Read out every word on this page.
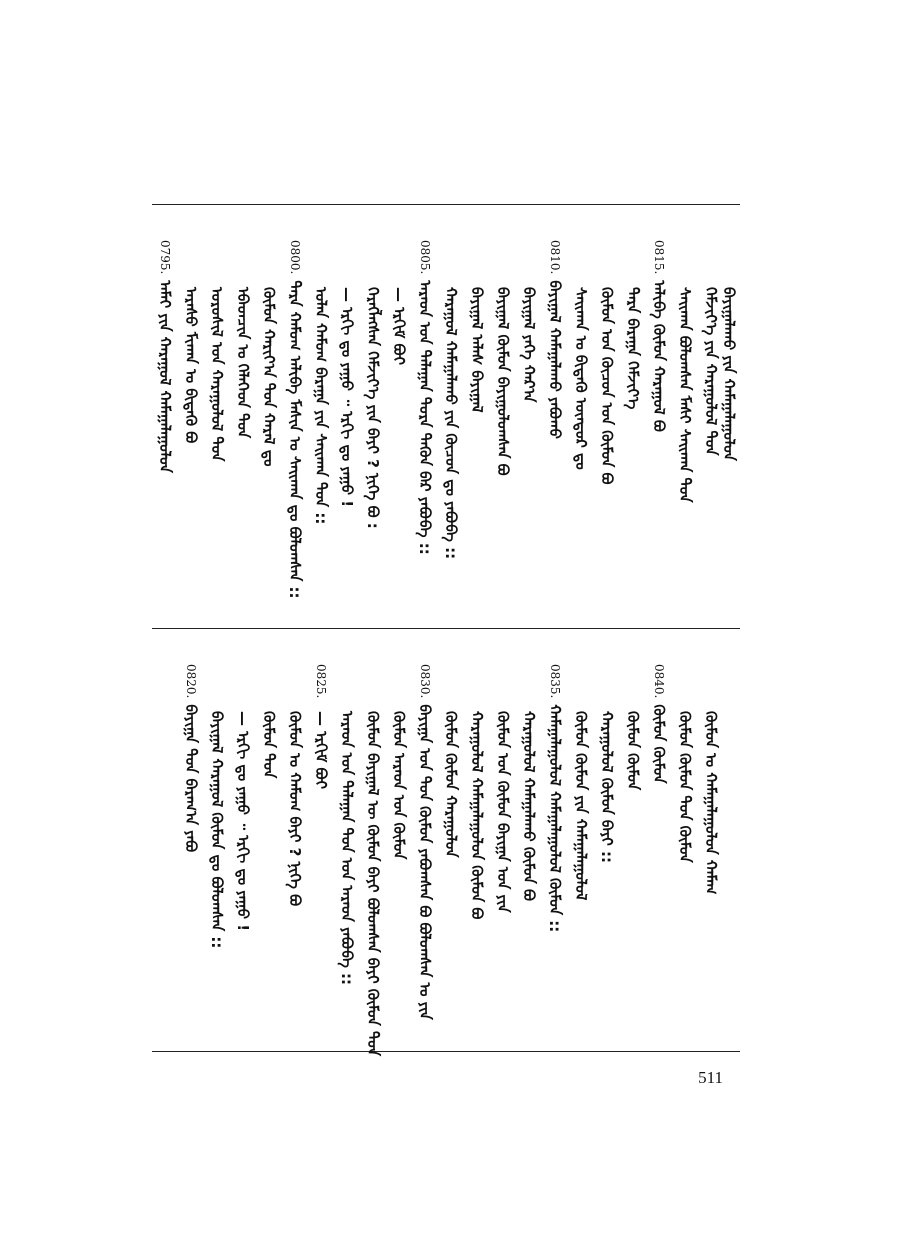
0795.ᠠᠮᠠᠢ ᠶᠢᠨ ᠬᠠᠷᠠᠭᠤᠯ ᠬᠠᠮᠠᠭᠠᠯᠠᠭᠤᠯᠤᠨ ᠠᠷᠠᠰᠤ ᠮᠢᠬᠠᠨ ᠤ ᠪᠢᠲᠡᠭᠦ ᠪᠣ ᠣᠷᠣᠰᠢᠯ ᠤᠨ ᠬᠠᠷᠠᠭᠤᠯᠤᠯ ᠳᠤᠨ ᠡᠪᠡᠳᠴᠢᠨ ᠤ ᠬᠡᠯᠡᠭᠡᠳ ᠳᠤᠨ ᠬᠦᠮᠦᠨ ᠬᠠᠷᠢᠶ᠎ᠠ ᠳᠤᠨ ᠬᠠᠷᠠᠯ ᠳᠤ
0800.ᠲᠡᠷᠡ ᠬᠠᠮᠤᠭ ᠠᠯᠢᠪᠠ ᠮᠠᠰᠢᠨ ᠤ ᠰᠠᠢᠬᠠᠨ ᠳᠤ ᠪᠣᠯᠤᠭᠰᠠᠨ :: ᠣᠯᠠᠨ ᠬᠠᠮᠤᠭ ᠪᠠᠷᠠᠭᠠ ᠶᠢᠨ ᠰᠠᠢᠬᠠᠨ ᠳᠤᠨ :: — ᠡᠷᠬᠢ ᠳᠤ ᠶᠠᠭᠤ ᠃ ᠡᠷᠬᠢ ᠳᠤ ᠶᠠᠭᠤ ! ᠬᠡᠷᠡᠭᠯᠡᠭᠰᠡᠨ ᠬᠡᠮᠵᠢᠶ᠎ᠡ ᠶᠢᠨ ᠪᠠᠶᠢ ? ᠨᠢᠭᠡ ᠪᠣ : — ᠡᠷᠬᠢᠮ ᠪᠤᠢ
0805.ᠠᠷᠠᠳ ᠤᠨ ᠲᠠᠯᠠᠭᠠᠨ ᠳᠤᠷᠠ ᠲᠡᠭᠦᠨ ᠪᠠᠷ ᠶᠠᠪᠤᠪᠠ :: ᠬᠠᠷᠠᠭᠤᠯ ᠬᠠᠮᠠᠭᠠᠯᠠᠬᠤ ᠶᠢᠨ ᠬᠦᠴᠦᠨ ᠳᠤ ᠶᠠᠪᠤᠪᠠ :: ᠪᠠᠶᠢᠭᠠᠯ ᠠᠯᠠᠰ ᠪᠠᠶᠢᠭᠠᠯ ᠪᠠᠶᠢᠭᠠᠯ ᠬᠦᠮᠦᠨ ᠪᠠᠶᠢᠭᠤᠯᠤᠭᠰᠠᠨ ᠪᠣ ᠪᠠᠶᠢᠭᠠᠯ ᠶᠡᠬᠡ ᠬᠠᠷ᠎ᠠ
0810.ᠪᠠᠶᠢᠭᠠᠯ ᠬᠠᠮᠠᠭᠠᠯᠠᠬᠤ ᠶᠠᠪᠤᠬᠤ ᠰᠠᠢᠬᠠᠨ ᠤ ᠪᠢᠲᠡᠭᠦ ᠦᠨᠳᠦᠷ ᠳᠤ ᠬᠦᠮᠦᠨ ᠤᠨ ᠬᠦᠴᠦᠨ ᠤᠨ ᠬᠦᠮᠦᠨ ᠪᠣ ᠲᠡᠷᠡ ᠪᠠᠷᠠᠭᠠ ᠬᠡᠮᠵᠢᠶ᠎ᠡ
0815.ᠠᠯᠢᠪᠠ ᠬᠦᠮᠦᠨ ᠬᠠᠷᠠᠭᠤᠯ ᠪᠣ ᠰᠠᠢᠬᠠᠨ ᠪᠣᠯᠤᠭᠰᠠᠨ ᠮᠠᠰᠢ ᠰᠠᠢᠬᠠᠨ ᠳᠤᠨ ᠬᠡᠮᠵᠢᠶ᠎ᠡ ᠶᠢᠨ ᠬᠠᠷᠠᠭᠤᠯᠤᠯ ᠳᠤᠨ ᠪᠠᠶᠢᠭᠠᠯᠠᠬᠤ ᠶᠢᠨ ᠬᠠᠮᠠᠭᠠᠯᠠᠭᠤᠯᠤᠨ
0820.ᠪᠠᠶᠢᠭᠠ ᠳᠤᠨ ᠪᠠᠷᠠᠭ᠎ᠠ ᠶᠠᠪᠤ ᠪᠠᠶᠢᠭᠠᠯ ᠬᠠᠷᠠᠭᠤᠯ ᠬᠦᠮᠦᠨ ᠳᠤ ᠪᠣᠯᠤᠭᠰᠠᠨ :: — ᠡᠷᠬᠢ ᠳᠤ ᠶᠠᠭᠤ ᠃ ᠡᠷᠬᠢ ᠳᠤ ᠶᠠᠭᠤ ! ᠬᠦᠮᠦᠨ ᠳᠤᠨ ᠬᠦᠮᠦᠨ ᠤ ᠬᠠᠮᠤᠭ ᠪᠠᠶᠢ ? ᠨᠢᠭᠡ ᠪᠣ — ᠡᠷᠬᠢᠮ ᠪᠤᠢ
0825.
ᠠᠷᠠᠳ ᠤᠨ ᠲᠠᠯᠠᠭᠠᠨ ᠳᠤᠨ ᠤᠨ ᠠᠷᠠᠳ ᠶᠠᠪᠤᠪᠠ :: ᠬᠦᠮᠦᠨ ᠪᠠᠶᠢᠭᠠᠯ ᠦ ᠬᠦᠮᠦᠨ ᠪᠠᠶᠢ ᠪᠣᠯᠤᠭᠰᠠᠨ ᠪᠠᠶᠢ ᠬᠦᠮᠦᠨ ᠳᠤᠨ ᠬᠦᠮᠦᠨ ᠠᠷᠠᠳ ᠤᠨ ᠬᠦᠮᠦᠨ
0830.ᠪᠠᠶᠢᠭᠠ ᠤᠨ ᠳᠤᠨ ᠬᠦᠮᠦᠨ ᠶᠠᠪᠤᠭᠰᠠᠨ ᠪᠣ ᠪᠣᠯᠤᠭᠰᠠᠨ ᠤ ᠶᠢᠨ ᠬᠦᠮᠦᠨ ᠬᠦᠮᠦᠨ ᠬᠠᠷᠠᠭᠤᠯᠤᠨ ᠬᠠᠷᠠᠭᠤᠯᠤᠯ ᠬᠠᠮᠠᠭᠠᠯᠠᠭᠤᠯᠤᠨ ᠬᠦᠮᠦᠨ ᠪᠣ ᠬᠦᠮᠦᠨ ᠤᠨ ᠬᠦᠮᠦᠨ ᠪᠠᠶᠢᠭᠠ ᠤᠨ ᠶᠢᠨ ᠬᠠᠷᠠᠭᠤᠯᠤᠯ ᠬᠠᠮᠠᠭᠠᠯᠠᠬᠤ ᠬᠦᠮᠦᠨ ᠪᠣ
0835.ᠬᠠᠮᠠᠭᠠᠯᠠᠭᠤᠯᠤᠯ ᠬᠠᠮᠠᠭᠠᠯᠠᠭᠤᠯᠤᠯ ᠬᠦᠮᠦᠨ :: ᠬᠦᠮᠦᠨ ᠬᠦᠮᠦᠨ ᠶᠢᠨ ᠬᠠᠮᠠᠭᠠᠯᠠᠭᠤᠯᠤᠯ ᠬᠠᠷᠠᠭᠤᠯᠤᠯ ᠬᠦᠮᠦᠨ ᠪᠠᠶᠢ :: ᠬᠦᠮᠦᠨ ᠬᠦᠮᠦᠨ
0840.ᠬᠦᠮᠦᠨ ᠬᠦᠮᠦᠨ ᠬᠦᠮᠦᠨ ᠬᠦᠮᠦᠨ ᠳᠤᠨ ᠬᠦᠮᠦᠨ ᠬᠦᠮᠦᠨ ᠤ ᠬᠠᠮᠠᠭᠠᠯᠠᠭᠤᠯᠤᠨ ᠬᠠᠮᠠᠭ
511
